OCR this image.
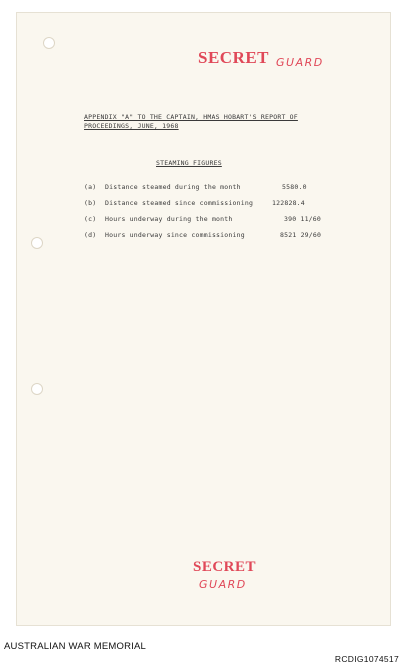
SECRET GUARD
APPENDIX "A" TO THE CAPTAIN, HMAS HOBART'S REPORT OF
PROCEEDINGS, JUNE, 1968
STEAMING FIGURES
(a) Distance steamed during the month	5580.0
(b) Distance steamed since commissioning	122828.4
(c) Hours underway during the month	390 11/60
(d) Hours underway since commissioning	8521 29/60
SECRET
GUARD
AUSTRALIAN WAR MEMORIAL
RCDIG1074517
